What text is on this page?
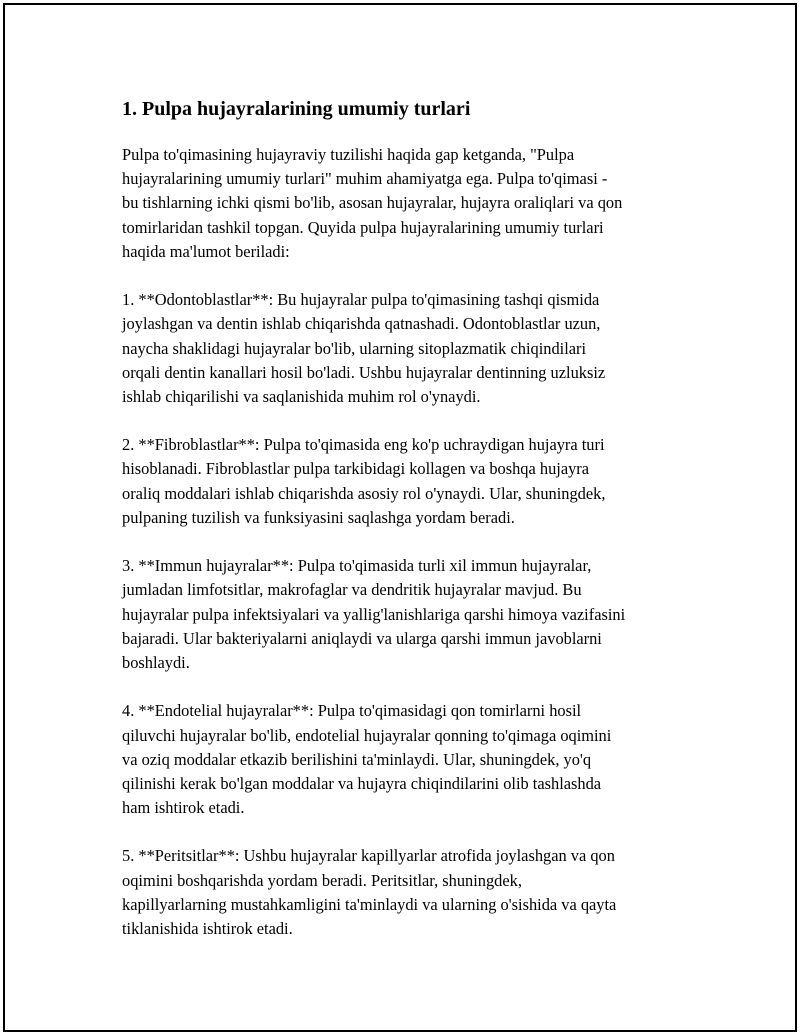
1. Pulpa hujayralarining umumiy turlari
Pulpa to'qimasining hujayraviy tuzilishi haqida gap ketganda, "Pulpa
hujayralarining umumiy turlari" muhim ahamiyatga ega. Pulpa to'qimasi -
bu tishlarning ichki qismi bo'lib, asosan hujayralar, hujayra oraliqlari va qon
tomirlaridan tashkil topgan. Quyida pulpa hujayralarining umumiy turlari
haqida ma'lumot beriladi:
1. **Odontoblastlar**: Bu hujayralar pulpa to'qimasining tashqi qismida
joylashgan va dentin ishlab chiqarishda qatnashadi. Odontoblastlar uzun,
naycha shaklidagi hujayralar bo'lib, ularning sitoplazmatik chiqindilari
orqali dentin kanallari hosil bo'ladi. Ushbu hujayralar dentinning uzluksiz
ishlab chiqarilishi va saqlanishida muhim rol o'ynaydi.
2. **Fibroblastlar**: Pulpa to'qimasida eng ko'p uchraydigan hujayra turi
hisoblanadi. Fibroblastlar pulpa tarkibidagi kollagen va boshqa hujayra
oraliq moddalari ishlab chiqarishda asosiy rol o'ynaydi. Ular, shuningdek,
pulpaning tuzilish va funksiyasini saqlashga yordam beradi.
3. **Immun hujayralar**: Pulpa to'qimasida turli xil immun hujayralar,
jumladan limfotsitlar, makrofaglar va dendritik hujayralar mavjud. Bu
hujayralar pulpa infektsiyalari va yallig'lanishlariga qarshi himoya vazifasini
bajaradi. Ular bakteriyalarni aniqlaydi va ularga qarshi immun javoblarni
boshlaydi.
4. **Endotelial hujayralar**: Pulpa to'qimasidagi qon tomirlarni hosil
qiluvchi hujayralar bo'lib, endotelial hujayralar qonning to'qimaga oqimini
va oziq moddalar etkazib berilishini ta'minlaydi. Ular, shuningdek, yo'q
qilinishi kerak bo'lgan moddalar va hujayra chiqindilarini olib tashlashda
ham ishtirok etadi.
5. **Peritsitlar**: Ushbu hujayralar kapillyarlar atrofida joylashgan va qon
oqimini boshqarishda yordam beradi. Peritsitlar, shuningdek,
kapillyarlarning mustahkamligini ta'minlaydi va ularning o'sishida va qayta
tiklanishida ishtirok etadi.
